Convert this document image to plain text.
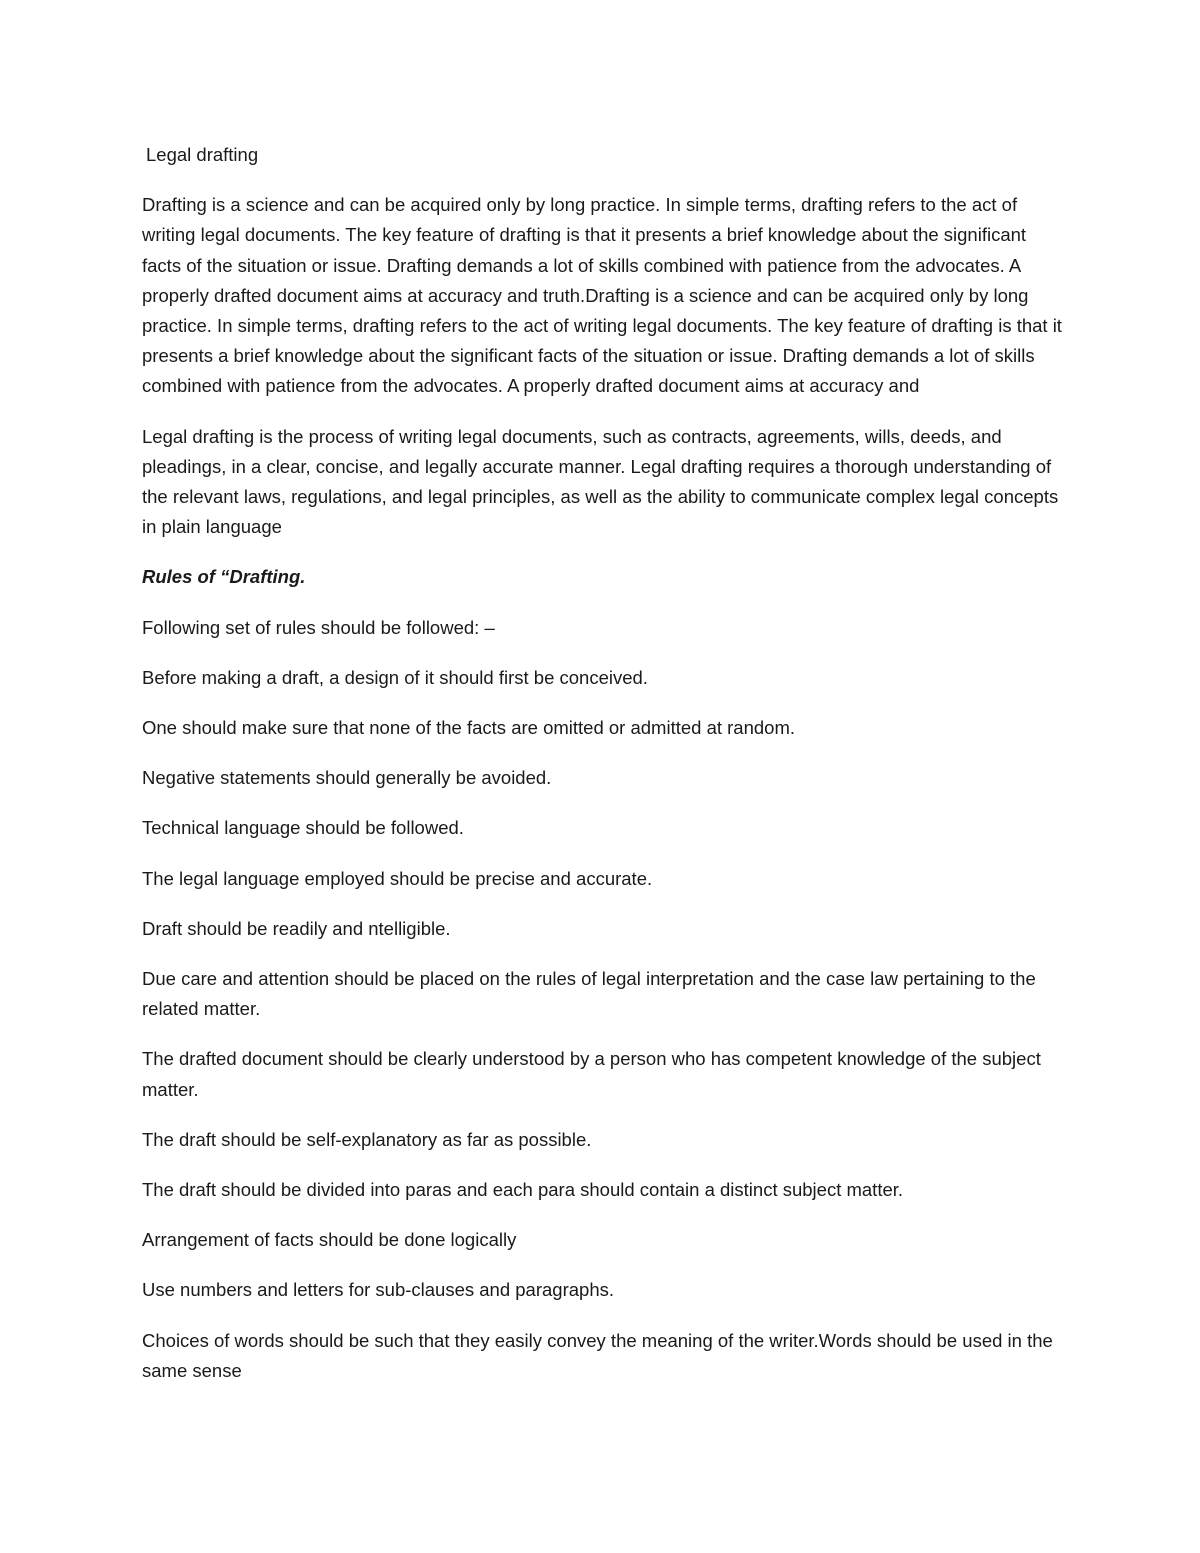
Legal drafting

Drafting is a science and can be acquired only by long practice. In simple terms, drafting refers to the act of writing legal documents. The key feature of drafting is that it presents a brief knowledge about the significant facts of the situation or issue. Drafting demands a lot of skills combined with patience from the advocates. A properly drafted document aims at accuracy and truth.Drafting is a science and can be acquired only by long practice. In simple terms, drafting refers to the act of writing legal documents. The key feature of drafting is that it presents a brief knowledge about the significant facts of the situation or issue. Drafting demands a lot of skills combined with patience from the advocates. A properly drafted document aims at accuracy and

Legal drafting is the process of writing legal documents, such as contracts, agreements, wills, deeds, and pleadings, in a clear, concise, and legally accurate manner. Legal drafting requires a thorough understanding of the relevant laws, regulations, and legal principles, as well as the ability to communicate complex legal concepts in plain language

Rules of “Drafting.

Following set of rules should be followed: –

Before making a draft, a design of it should first be conceived.

One should make sure that none of the facts are omitted or admitted at random.

Negative statements should generally be avoided.

Technical language should be followed.

The legal language employed should be precise and accurate.

Draft should be readily and ntelligible.

Due care and attention should be placed on the rules of legal interpretation and the case law pertaining to the related matter.

The drafted document should be clearly understood by a person who has competent knowledge of the subject matter.

The draft should be self-explanatory as far as possible.

The draft should be divided into paras and each para should contain a distinct subject matter.

Arrangement of facts should be done logically

Use numbers and letters for sub-clauses and paragraphs.

Choices of words should be such that they easily convey the meaning of the writer.Words should be used in the same sense
